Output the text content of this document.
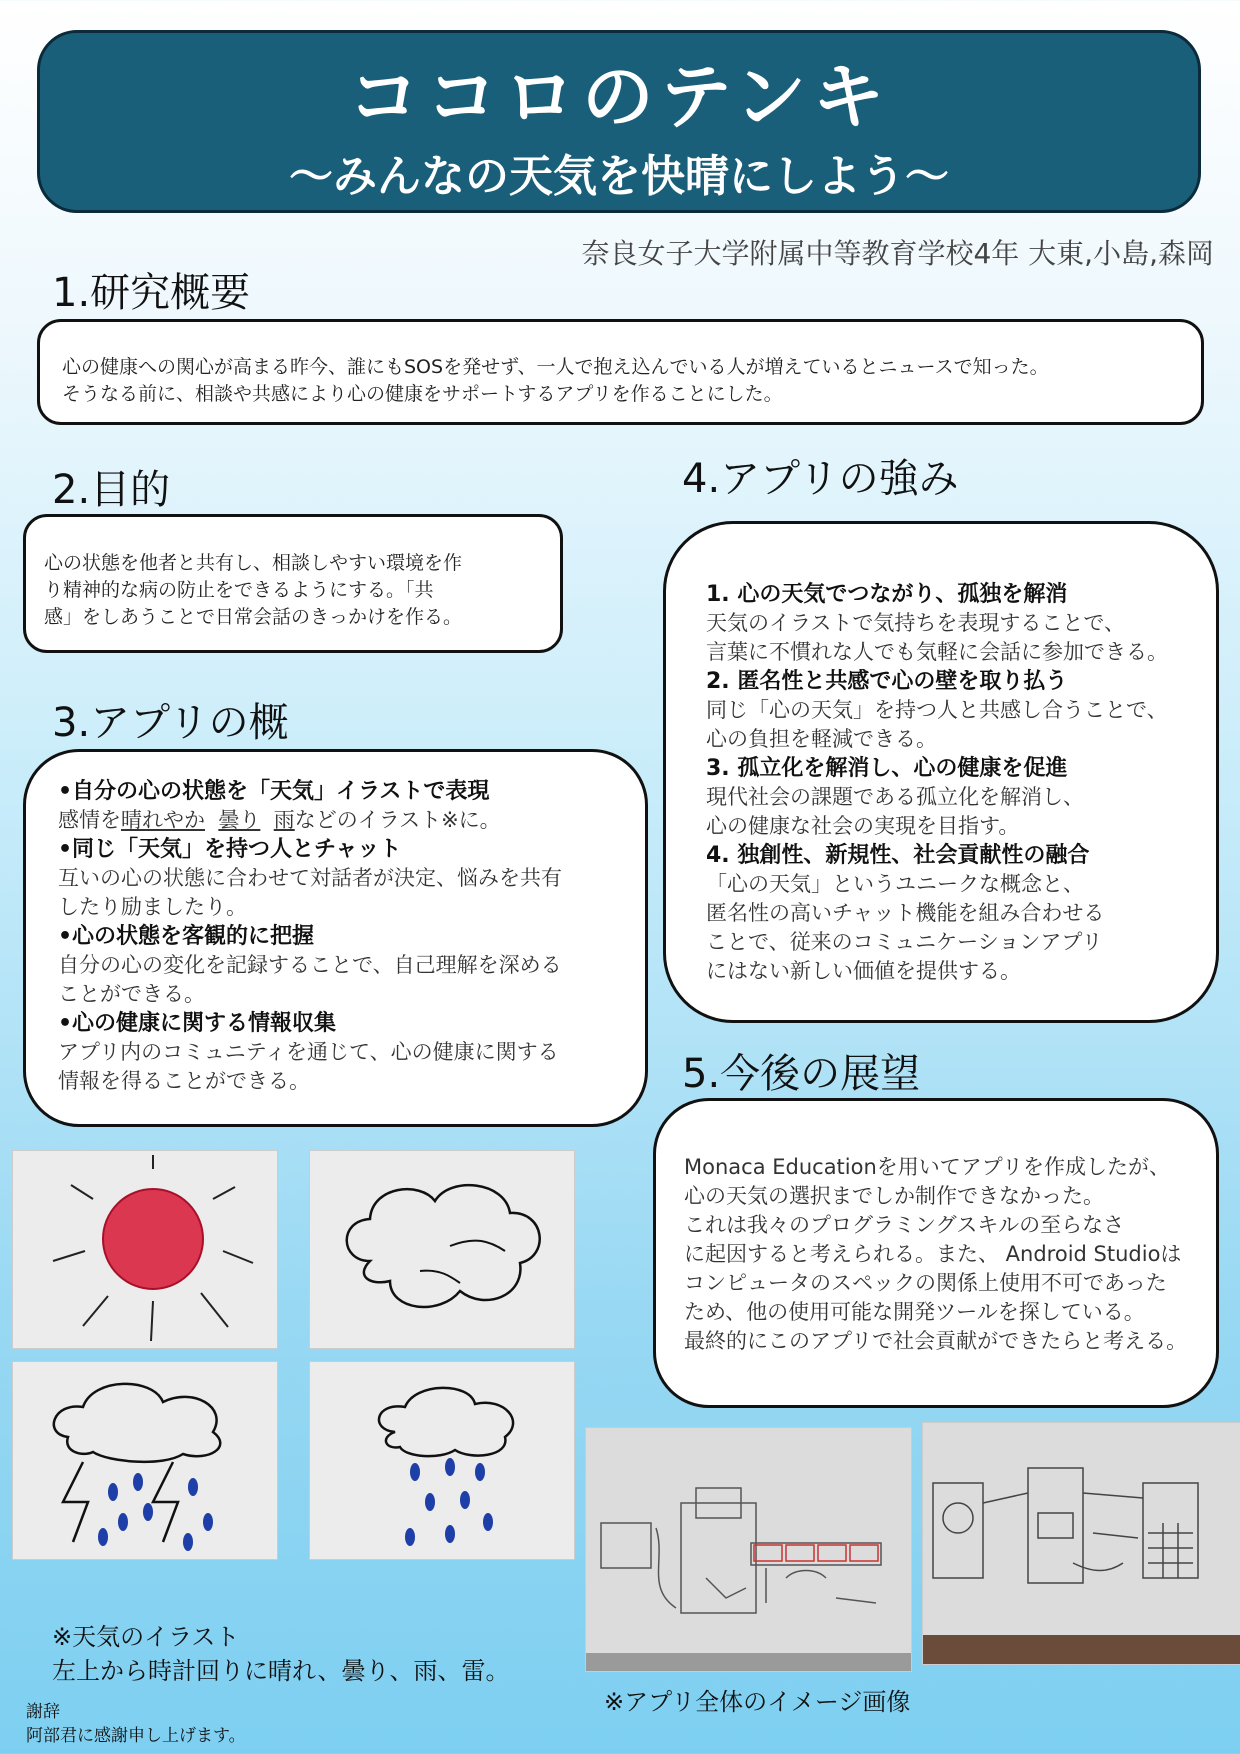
ココロのテンキ
～みんなの天気を快晴にしよう～
奈良女子大学附属中等教育学校4年 大東,小島,森岡
1.研究概要

心の健康への関心が高まる昨今、誰にもSOSを発せず、一人で抱え込んでいる人が増えているとニュースで知った。

そうなる前に、相談や共感により心の健康をサポートするアプリを作ることにした。

2.目的

心の状態を他者と共有し、相談しやすい環境を作

り精神的な病の防止をできるようにする。「共

感」をしあうことで日常会話のきっかけを作る。

3.アプリの概

•自分の心の状態を「天気」イラストで表現

感情を晴れやか 曇り 雨などのイラスト※に。

•同じ「天気」を持つ人とチャット

互いの心の状態に合わせて対話者が決定、悩みを共有

したり励ましたり。

•心の状態を客観的に把握

自分の心の変化を記録することで、自己理解を深める

ことができる。

•心の健康に関する情報収集

アプリ内のコミュニティを通じて、心の健康に関する

情報を得ることができる。

4.アプリの強み

1. 心の天気でつながり、孤独を解消

天気のイラストで気持ちを表現することで、

言葉に不慣れな人でも気軽に会話に参加できる。

2. 匿名性と共感で心の壁を取り払う

同じ「心の天気」を持つ人と共感し合うことで、

心の負担を軽減できる。

3. 孤立化を解消し、心の健康を促進

現代社会の課題である孤立化を解消し、

心の健康な社会の実現を目指す。

4. 独創性、新規性、社会貢献性の融合

「心の天気」というユニークな概念と、

匿名性の高いチャット機能を組み合わせる

ことで、従来のコミュニケーションアプリ

にはない新しい価値を提供する。

5.今後の展望

Monaca Educationを用いてアプリを作成したが、

心の天気の選択までしか制作できなかった。

これは我々のプログラミングスキルの至らなさ

に起因すると考えられる。また、 Android Studioは

コンピュータのスペックの関係上使用不可であった

ため、他の使用可能な開発ツールを探している。

最終的にこのアプリで社会貢献ができたらと考える。

※天気のイラスト
左上から時計回りに晴れ、曇り、雨、雷。
※アプリ全体のイメージ画像
謝辞
阿部君に感謝申し上げます。
